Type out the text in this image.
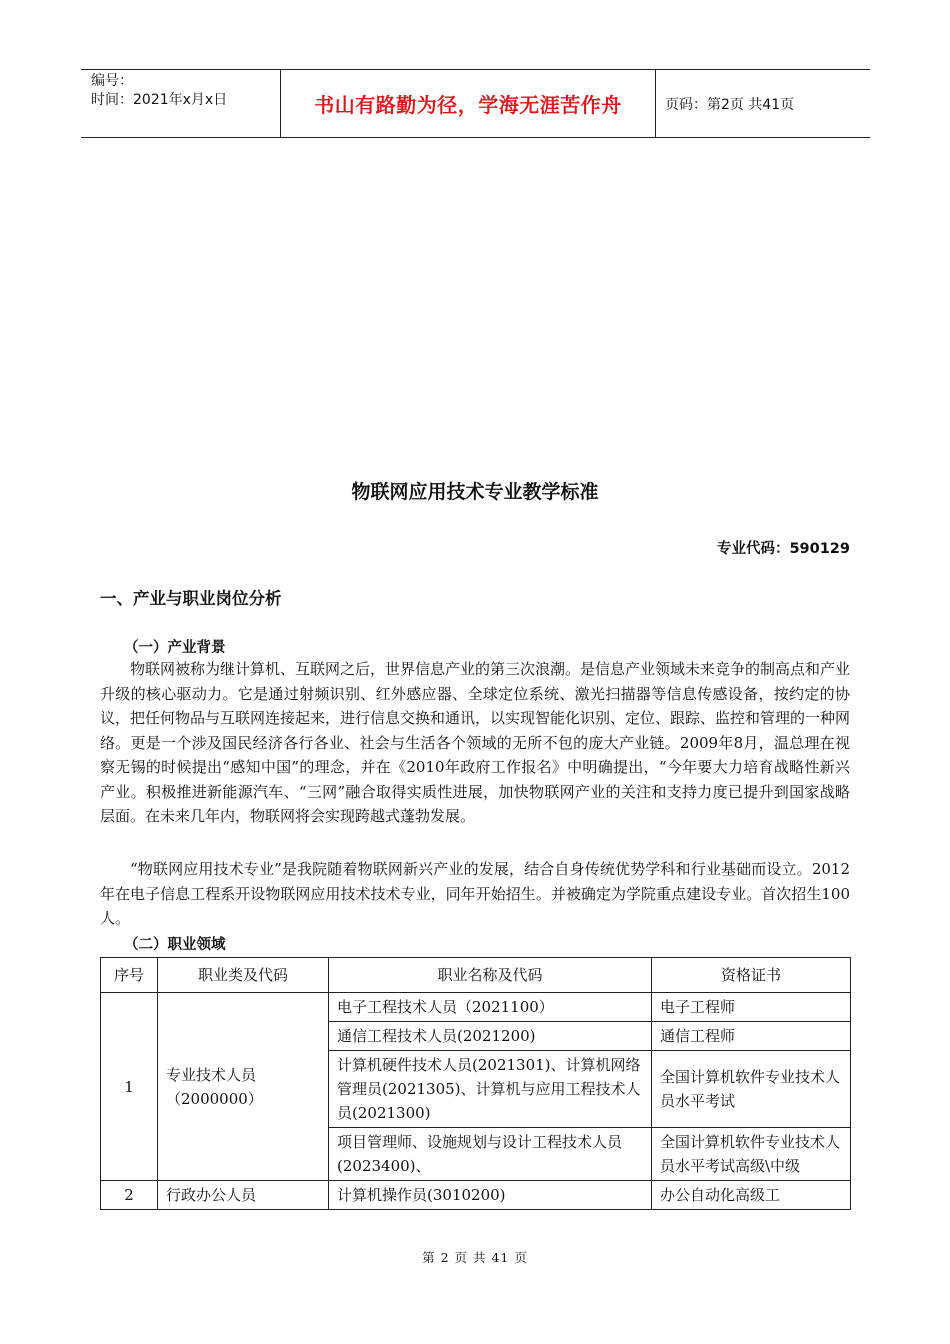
编号：
时间：2021年x月x日	书山有路勤为径，学海无涯苦作舟	页码：第2页 共41页
物联网应用技术专业教学标准
专业代码：590129
一、产业与职业岗位分析
（一）产业背景

物联网被称为继计算机、互联网之后，世界信息产业的第三次浪潮。是信息产业领域未来竞争的制高点和产业升级的核心驱动力。它是通过射频识别、红外感应器、全球定位系统、激光扫描器等信息传感设备，按约定的协议，把任何物品与互联网连接起来，进行信息交换和通讯，以实现智能化识别、定位、跟踪、监控和管理的一种网络。更是一个涉及国民经济各行各业、社会与生活各个领域的无所不包的庞大产业链。2009年8月，温总理在视察无锡的时候提出“感知中国”的理念，并在《2010年政府工作报名》中明确提出，“今年要大力培育战略性新兴产业。积极推进新能源汽车、“三网”融合取得实质性进展，加快物联网产业的关注和支持力度已提升到国家战略层面。在未来几年内，物联网将会实现跨越式蓬勃发展。

“物联网应用技术专业”是我院随着物联网新兴产业的发展，结合自身传统优势学科和行业基础而设立。2012年在电子信息工程系开设物联网应用技术技术专业，同年开始招生。并被确定为学院重点建设专业。首次招生100人。

（二）职业领域
序号	职业类及代码	职业名称及代码	资格证书
1	专业技术人员（2000000）	电子工程技术人员（2021100）	电子工程师
		通信工程技术人员(2021200)	通信工程师
		计算机硬件技术人员(2021301)、计算机网络管理员(2021305)、计算机与应用工程技术人员(2021300)	全国计算机软件专业技术人员水平考试
		项目管理师、设施规划与设计工程技术人员(2023400)、	全国计算机软件专业技术人员水平考试高级\中级
2	行政办公人员	计算机操作员(3010200)	办公自动化高级工
第 2 页 共 41 页
